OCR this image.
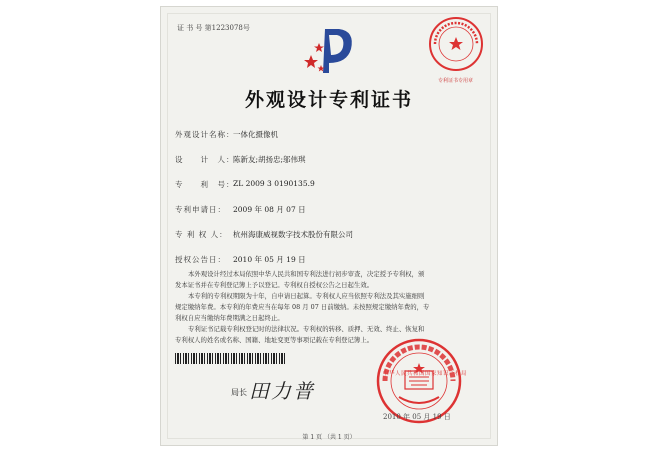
证 书 号 第1223078号
专利证书专用章
外观设计专利证书
外观设计名称：
一体化摄像机
设　　计　人：
陈新友;胡扬忠;邬伟琪
专　　利　号：
ZL 2009 3 0190135.9
专利申请日： 2009 年 08 月 07 日
专 利 权 人： 杭州海康威视数字技术股份有限公司
授权公告日： 2010 年 05 月 19 日

本外观设计经过本局依照中华人民共和国专利法进行初步审查，决定授予专利权，颁

发本证书并在专利登记簿上予以登记。专利权自授权公告之日起生效。

本专利的专利权期限为十年，自申请日起算。专利权人应当依照专利法及其实施细则

规定缴纳年费。本专利的年费应当在每年 08 月 07 日前缴纳。未按照规定缴纳年费的，专

利权自应当缴纳年费期满之日起终止。

专利证书记载专利权登记时的法律状况。专利权的转移、质押、无效、终止、恢复和

专利权人的姓名或名称、国籍、地址变更等事项记载在专利登记簿上。

局长 田力普
中华人民共和国国家知识产权局
2010 年 05 月 19 日
第 1 页 （共 1 页）
